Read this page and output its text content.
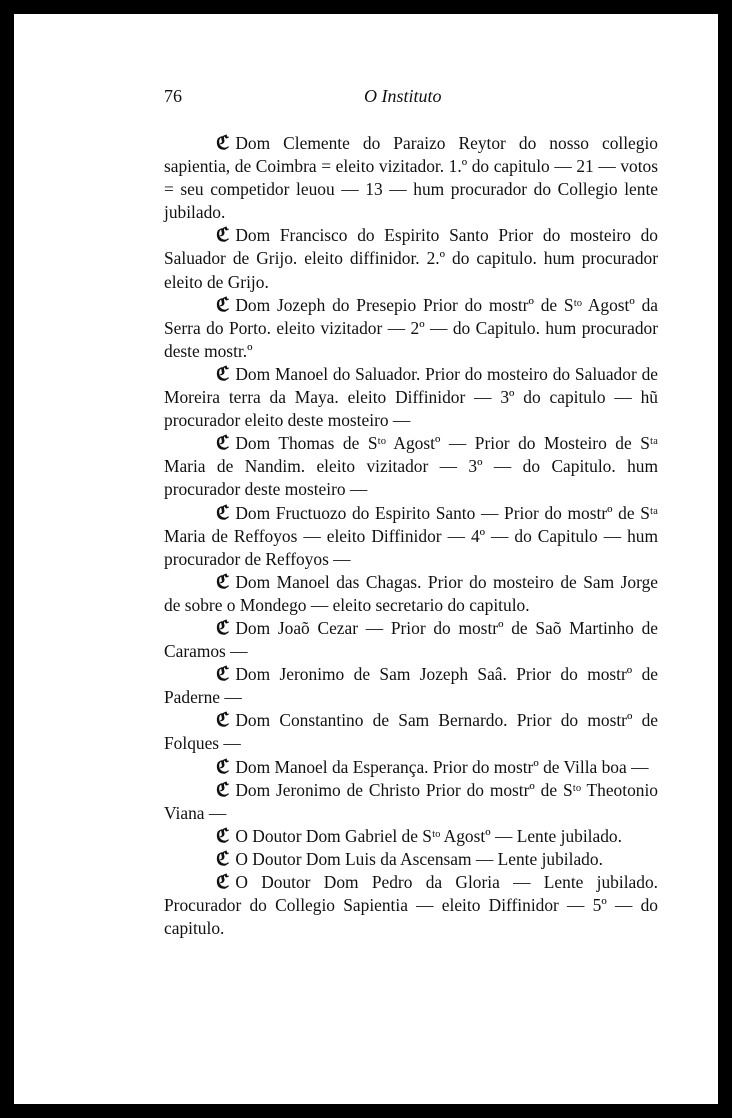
76	O Instituto

ℭ Dom Clemente do Paraizo Reytor do nosso collegio sapientia, de Coimbra = eleito vizitador. 1.º do capitulo — 21 — votos = seu competidor leuou — 13 — hum procurador do Collegio lente jubilado.

ℭ Dom Francisco do Espirito Santo Prior do mosteiro do Saluador de Grijo. eleito diffinidor. 2.º do capitulo. hum procurador eleito de Grijo.

ℭ Dom Jozeph do Presepio Prior do mostrº de Sᵗᵒ Agostº da Serra do Porto. eleito vizitador — 2º — do Capitulo. hum procurador deste mostr.º

ℭ Dom Manoel do Saluador. Prior do mosteiro do Saluador de Moreira terra da Maya. eleito Diffinidor — 3º do capitulo — hũ procurador eleito deste mosteiro —

ℭ Dom Thomas de Sᵗᵒ Agostº — Prior do Mosteiro de Sᵗᵃ Maria de Nandim. eleito vizitador — 3º — do Capitulo. hum procurador deste mosteiro —

ℭ Dom Fructuozo do Espirito Santo — Prior do mostrº de Sᵗᵃ Maria de Reffoyos — eleito Diffinidor — 4º — do Capitulo — hum procurador de Reffoyos —

ℭ Dom Manoel das Chagas. Prior do mosteiro de Sam Jorge de sobre o Mondego — eleito secretario do capitulo.

ℭ Dom Joaõ Cezar — Prior do mostrº de Saõ Martinho de Caramos —

ℭ Dom Jeronimo de Sam Jozeph Saâ. Prior do mostrº de Paderne —

ℭ Dom Constantino de Sam Bernardo. Prior do mostrº de Folques —

ℭ Dom Manoel da Esperança. Prior do mostrº de Villa boa —

ℭ Dom Jeronimo de Christo Prior do mostrº de Sᵗᵒ Theotonio Viana —

ℭ O Doutor Dom Gabriel de Sᵗᵒ Agostº — Lente jubilado.

ℭ O Doutor Dom Luis da Ascensam — Lente jubilado.

ℭ O Doutor Dom Pedro da Gloria — Lente jubilado. Procurador do Collegio Sapientia — eleito Diffinidor — 5º — do capitulo.
